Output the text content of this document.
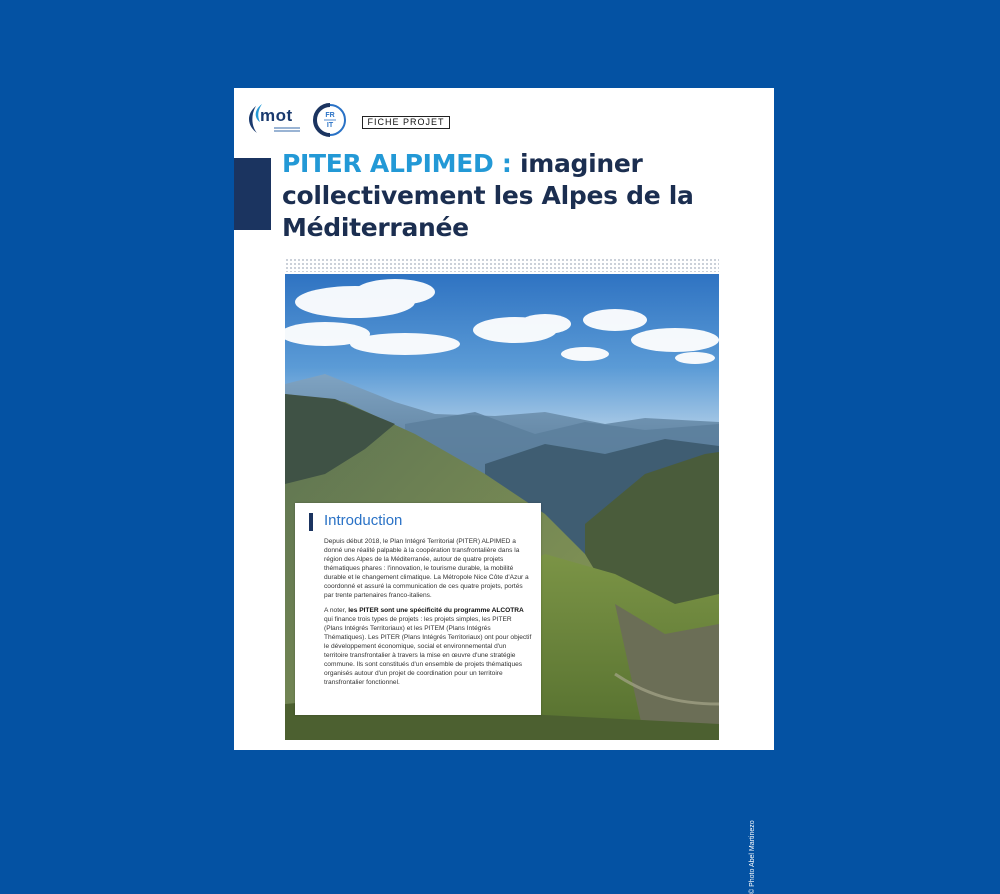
mot	FR
IT	FICHE PROJET
PITER ALPIMED : imaginer collectivement les Alpes de la Méditerranée
© Photo Abel Martinezo
Introduction

Depuis début 2018, le Plan Intégré Territorial (PITER) ALPIMED a donné une réalité palpable à la coopération transfrontalière dans la région des Alpes de la Méditerranée, autour de quatre projets thématiques phares : l'innovation, le tourisme durable, la mobilité durable et le changement climatique. La Métropole Nice Côte d'Azur a coordonné et assuré la communication de ces quatre projets, portés par trente partenaires franco-italiens.

A noter, les PITER sont une spécificité du programme ALCOTRA qui finance trois types de projets : les projets simples, les PITER (Plans Intégrés Territoriaux) et les PITEM (Plans Intégrés Thématiques). Les PITER (Plans Intégrés Territoriaux) ont pour objectif le développement économique, social et environnemental d'un territoire transfrontalier à travers la mise en œuvre d'une stratégie commune. Ils sont constitués d'un ensemble de projets thématiques organisés autour d'un projet de coordination pour un territoire transfrontalier fonctionnel.
